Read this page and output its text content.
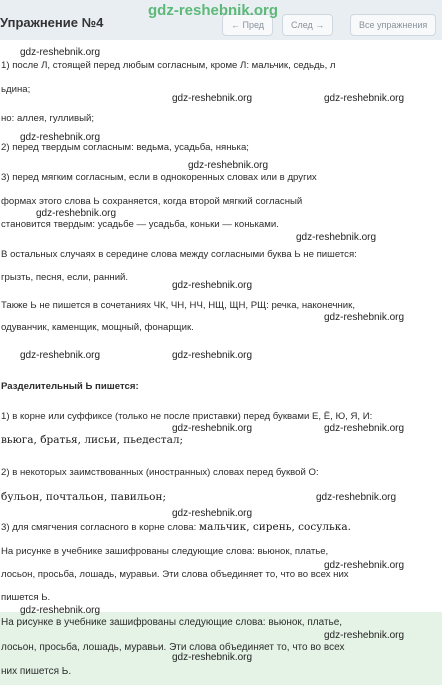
Упражнение №4	← Пред	След →	Все упражнения
gdz-reshebnik.org
1) после Л, стоящей перед любым согласным, кроме Л: мальчик, седьдь, л
ьдина;
но: аллея, гулливый;
2) перед твердым согласным: ведьма, усадьба, нянька;
3) перед мягким согласным, если в однокоренных словах или в других
формах этого слова Ь сохраняется, когда второй мягкий согласный
становится твердым: усадьбе — усадьба, коньки — коньками.
В остальных случаях в середине слова между согласными буква Ь не пишется:
грызть, песня, если, ранний.
Также Ь не пишется в сочетаниях ЧК, ЧН, НЧ, НЩ, ЩН, РЩ: речка, наконечник,
одуванчик, каменщик, мощный, фонарщик.
Разделительный Ь пишется:
1) в корне или суффиксе (только не после приставки) перед буквами Е, Ё, Ю, Я, И:
вьюга, братья, лисьи, пьедестал;
2) в некоторых заимствованных (иностранных) словах перед буквой О:
бульон, почтальон, павильон;
3) для смягчения согласного в корне слова: мальчик, сирень, сосулька.
На рисунке в учебнике зашифрованы следующие слова: вьюнок, платье,
лосьон, просьба, лошадь, муравьи. Эти слова объединяет то, что во всех них
пишется Ь.
На рисунке в учебнике зашифрованы следующие слова: вьюнок, платье,
лосьон, просьба, лошадь, муравьи. Эти слова объединяет то, что во всех
них пишется Ь.
gdz-reshebnik.org
gdz-reshebnik.org	gdz-reshebnik.org
gdz-reshebnik.org
gdz-reshebnik.org
gdz-reshebnik.org
gdz-reshebnik.org
gdz-reshebnik.org
gdz-reshebnik.org
gdz-reshebnik.org	gdz-reshebnik.org
gdz-reshebnik.org	gdz-reshebnik.org
gdz-reshebnik.org
gdz-reshebnik.org
gdz-reshebnik.org
gdz-reshebnik.org
gdz-reshebnik.org
gdz-reshebnik.org
